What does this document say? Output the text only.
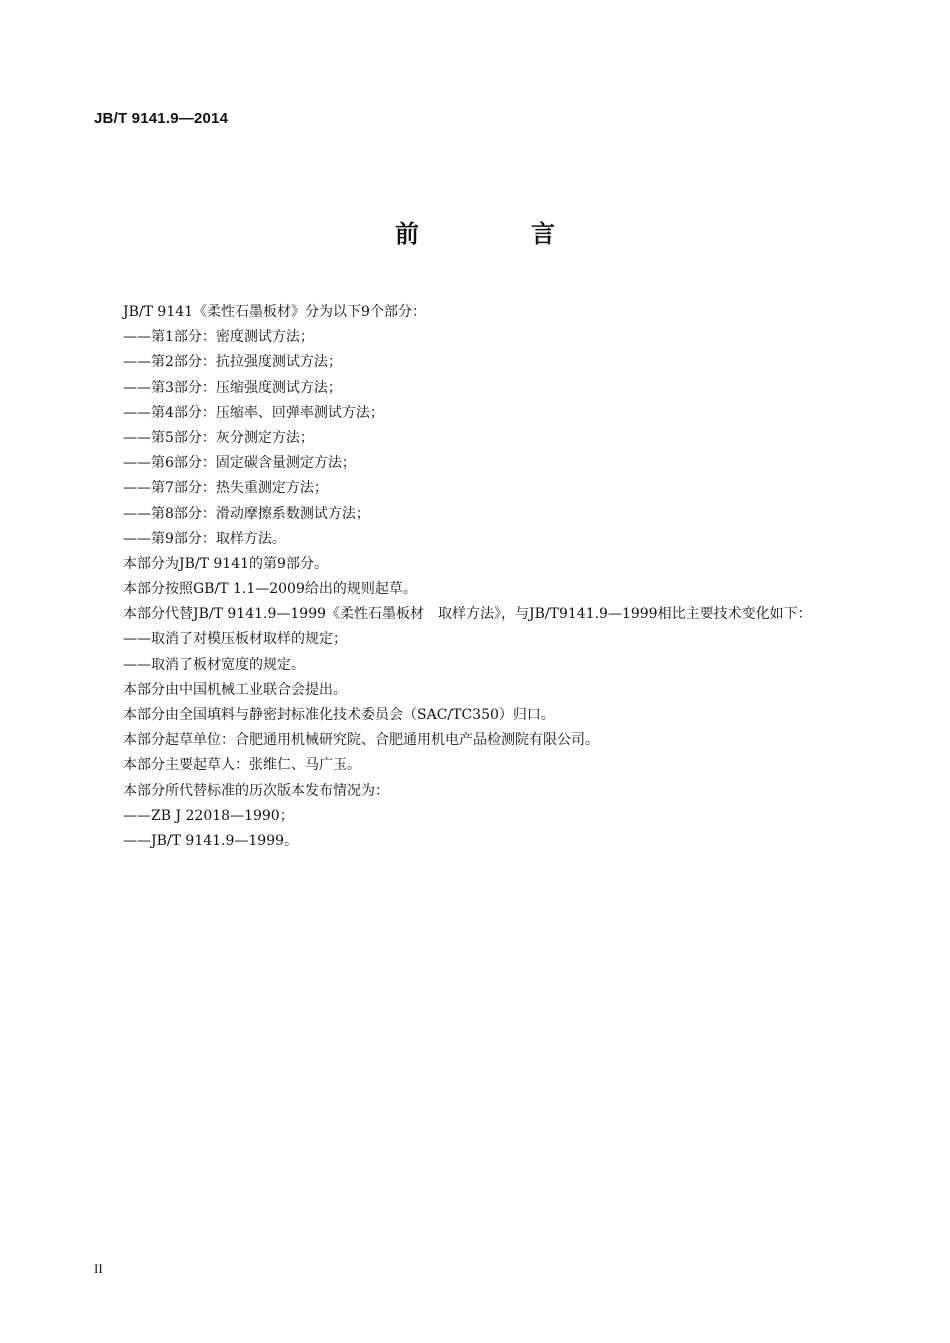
JB/T 9141.9—2014
前　言
JB/T 9141《柔性石墨板材》分为以下9个部分：
——第1部分：密度测试方法；
——第2部分：抗拉强度测试方法；
——第3部分：压缩强度测试方法；
——第4部分：压缩率、回弹率测试方法；
——第5部分：灰分测定方法；
——第6部分：固定碳含量测定方法；
——第7部分：热失重测定方法；
——第8部分：滑动摩擦系数测试方法；
——第9部分：取样方法。
本部分为JB/T 9141的第9部分。
本部分按照GB/T 1.1—2009给出的规则起草。
本部分代替JB/T 9141.9—1999《柔性石墨板材　取样方法》，与JB/T9141.9—1999相比主要技术变化如下：
——取消了对模压板材取样的规定；
——取消了板材宽度的规定。
本部分由中国机械工业联合会提出。
本部分由全国填料与静密封标准化技术委员会（SAC/TC350）归口。
本部分起草单位：合肥通用机械研究院、合肥通用机电产品检测院有限公司。
本部分主要起草人：张维仁、马广玉。
本部分所代替标准的历次版本发布情况为：
——ZB J 22018—1990；
——JB/T 9141.9—1999。
II
